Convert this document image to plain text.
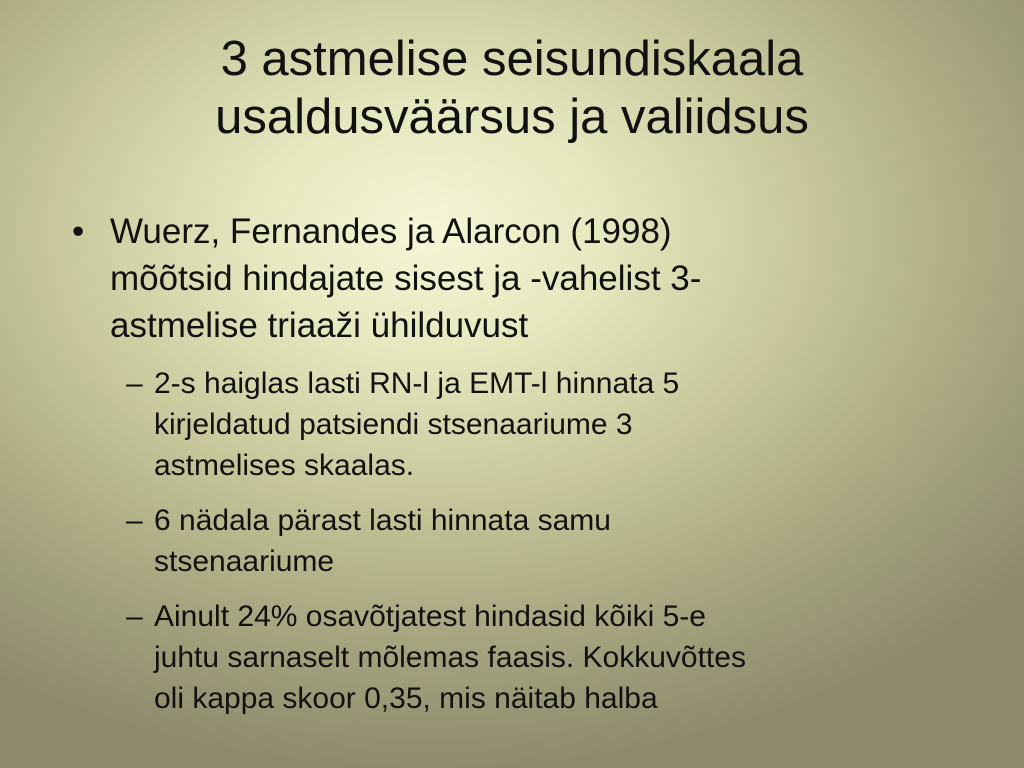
3 astmelise seisundiskaala
usaldusväärsus ja valiidsus
• Wuerz, Fernandes ja Alarcon (1998)
mõõtsid hindajate sisest ja -vahelist 3-
astmelise triaaži ühilduvust
– 2-s haiglas lasti RN-l ja EMT-l hinnata 5
kirjeldatud patsiendi stsenaariume 3
astmelises skaalas.
– 6 nädala pärast lasti hinnata samu
stsenaariume
– Ainult 24% osavõtjatest hindasid kõiki 5-e
juhtu sarnaselt mõlemas faasis. Kokkuvõttes
oli kappa skoor 0,35, mis näitab halba
